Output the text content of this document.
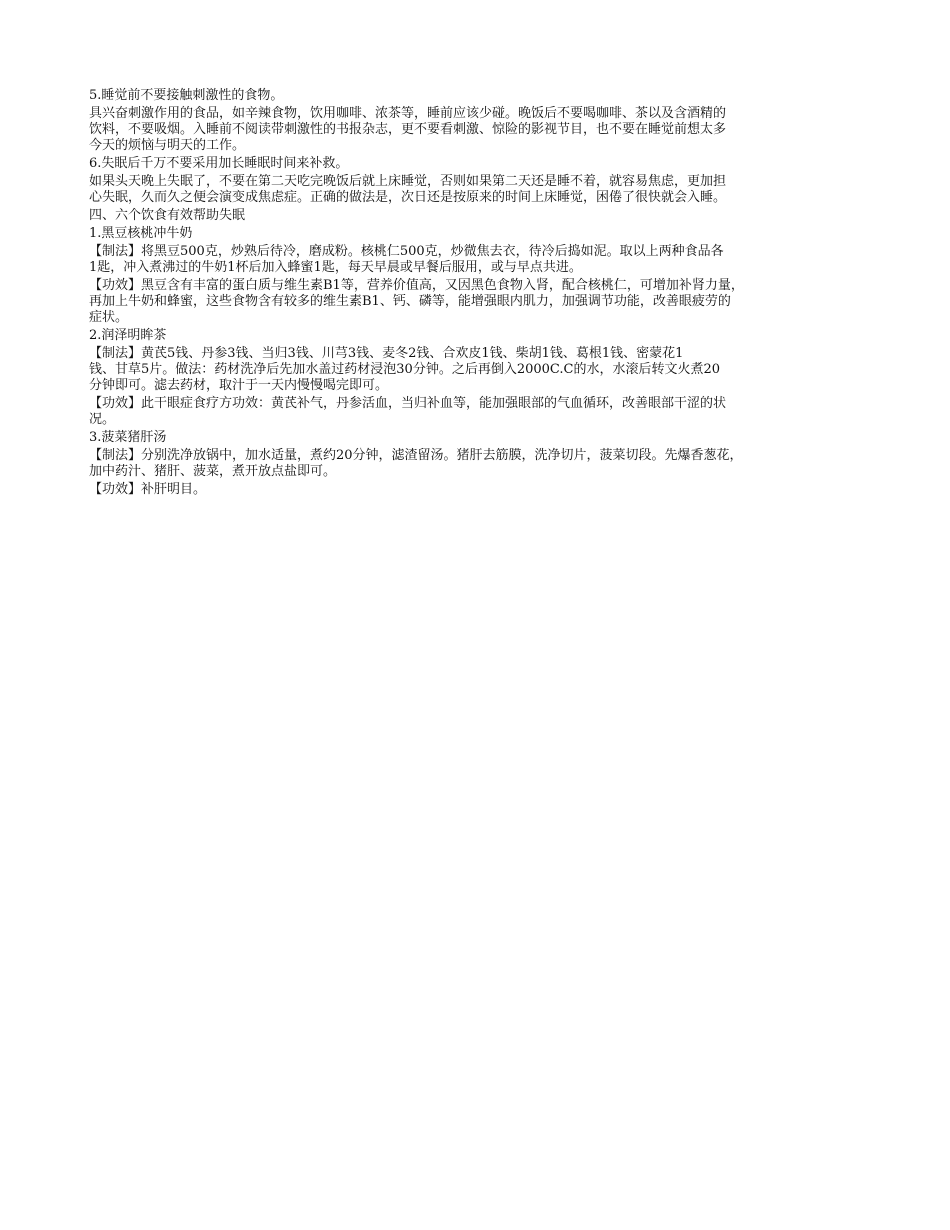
5.睡觉前不要接触刺激性的食物。
具兴奋刺激作用的食品，如辛辣食物，饮用咖啡、浓茶等，睡前应该少碰。晚饭后不要喝咖啡、茶以及含酒精的
饮料，不要吸烟。入睡前不阅读带刺激性的书报杂志，更不要看刺激、惊险的影视节目，也不要在睡觉前想太多
今天的烦恼与明天的工作。
6.失眠后千万不要采用加长睡眠时间来补救。
如果头天晚上失眠了，不要在第二天吃完晚饭后就上床睡觉，否则如果第二天还是睡不着，就容易焦虑，更加担
心失眠，久而久之便会演变成焦虑症。正确的做法是，次日还是按原来的时间上床睡觉，困倦了很快就会入睡。
四、六个饮食有效帮助失眠
1.黑豆核桃冲牛奶
【制法】将黑豆500克，炒熟后待冷，磨成粉。核桃仁500克，炒微焦去衣，待冷后捣如泥。取以上两种食品各
1匙，冲入煮沸过的牛奶1杯后加入蜂蜜1匙，每天早晨或早餐后服用，或与早点共进。
【功效】黑豆含有丰富的蛋白质与维生素B1等，营养价值高，又因黑色食物入肾，配合核桃仁，可增加补肾力量，
再加上牛奶和蜂蜜，这些食物含有较多的维生素B1、钙、磷等，能增强眼内肌力，加强调节功能，改善眼疲劳的
症状。
2.润泽明眸茶
【制法】黄芪5钱、丹参3钱、当归3钱、川芎3钱、麦冬2钱、合欢皮1钱、柴胡1钱、葛根1钱、密蒙花1
钱、甘草5片。做法：药材洗净后先加水盖过药材浸泡30分钟。之后再倒入2000C.C的水，水滚后转文火煮20
分钟即可。滤去药材，取汁于一天内慢慢喝完即可。
【功效】此干眼症食疗方功效：黄芪补气，丹参活血，当归补血等，能加强眼部的气血循环，改善眼部干涩的状
况。
3.菠菜猪肝汤
【制法】分别洗净放锅中，加水适量，煮约20分钟，滤渣留汤。猪肝去筋膜，洗净切片，菠菜切段。先爆香葱花，
加中药汁、猪肝、菠菜，煮开放点盐即可。
【功效】补肝明目。
